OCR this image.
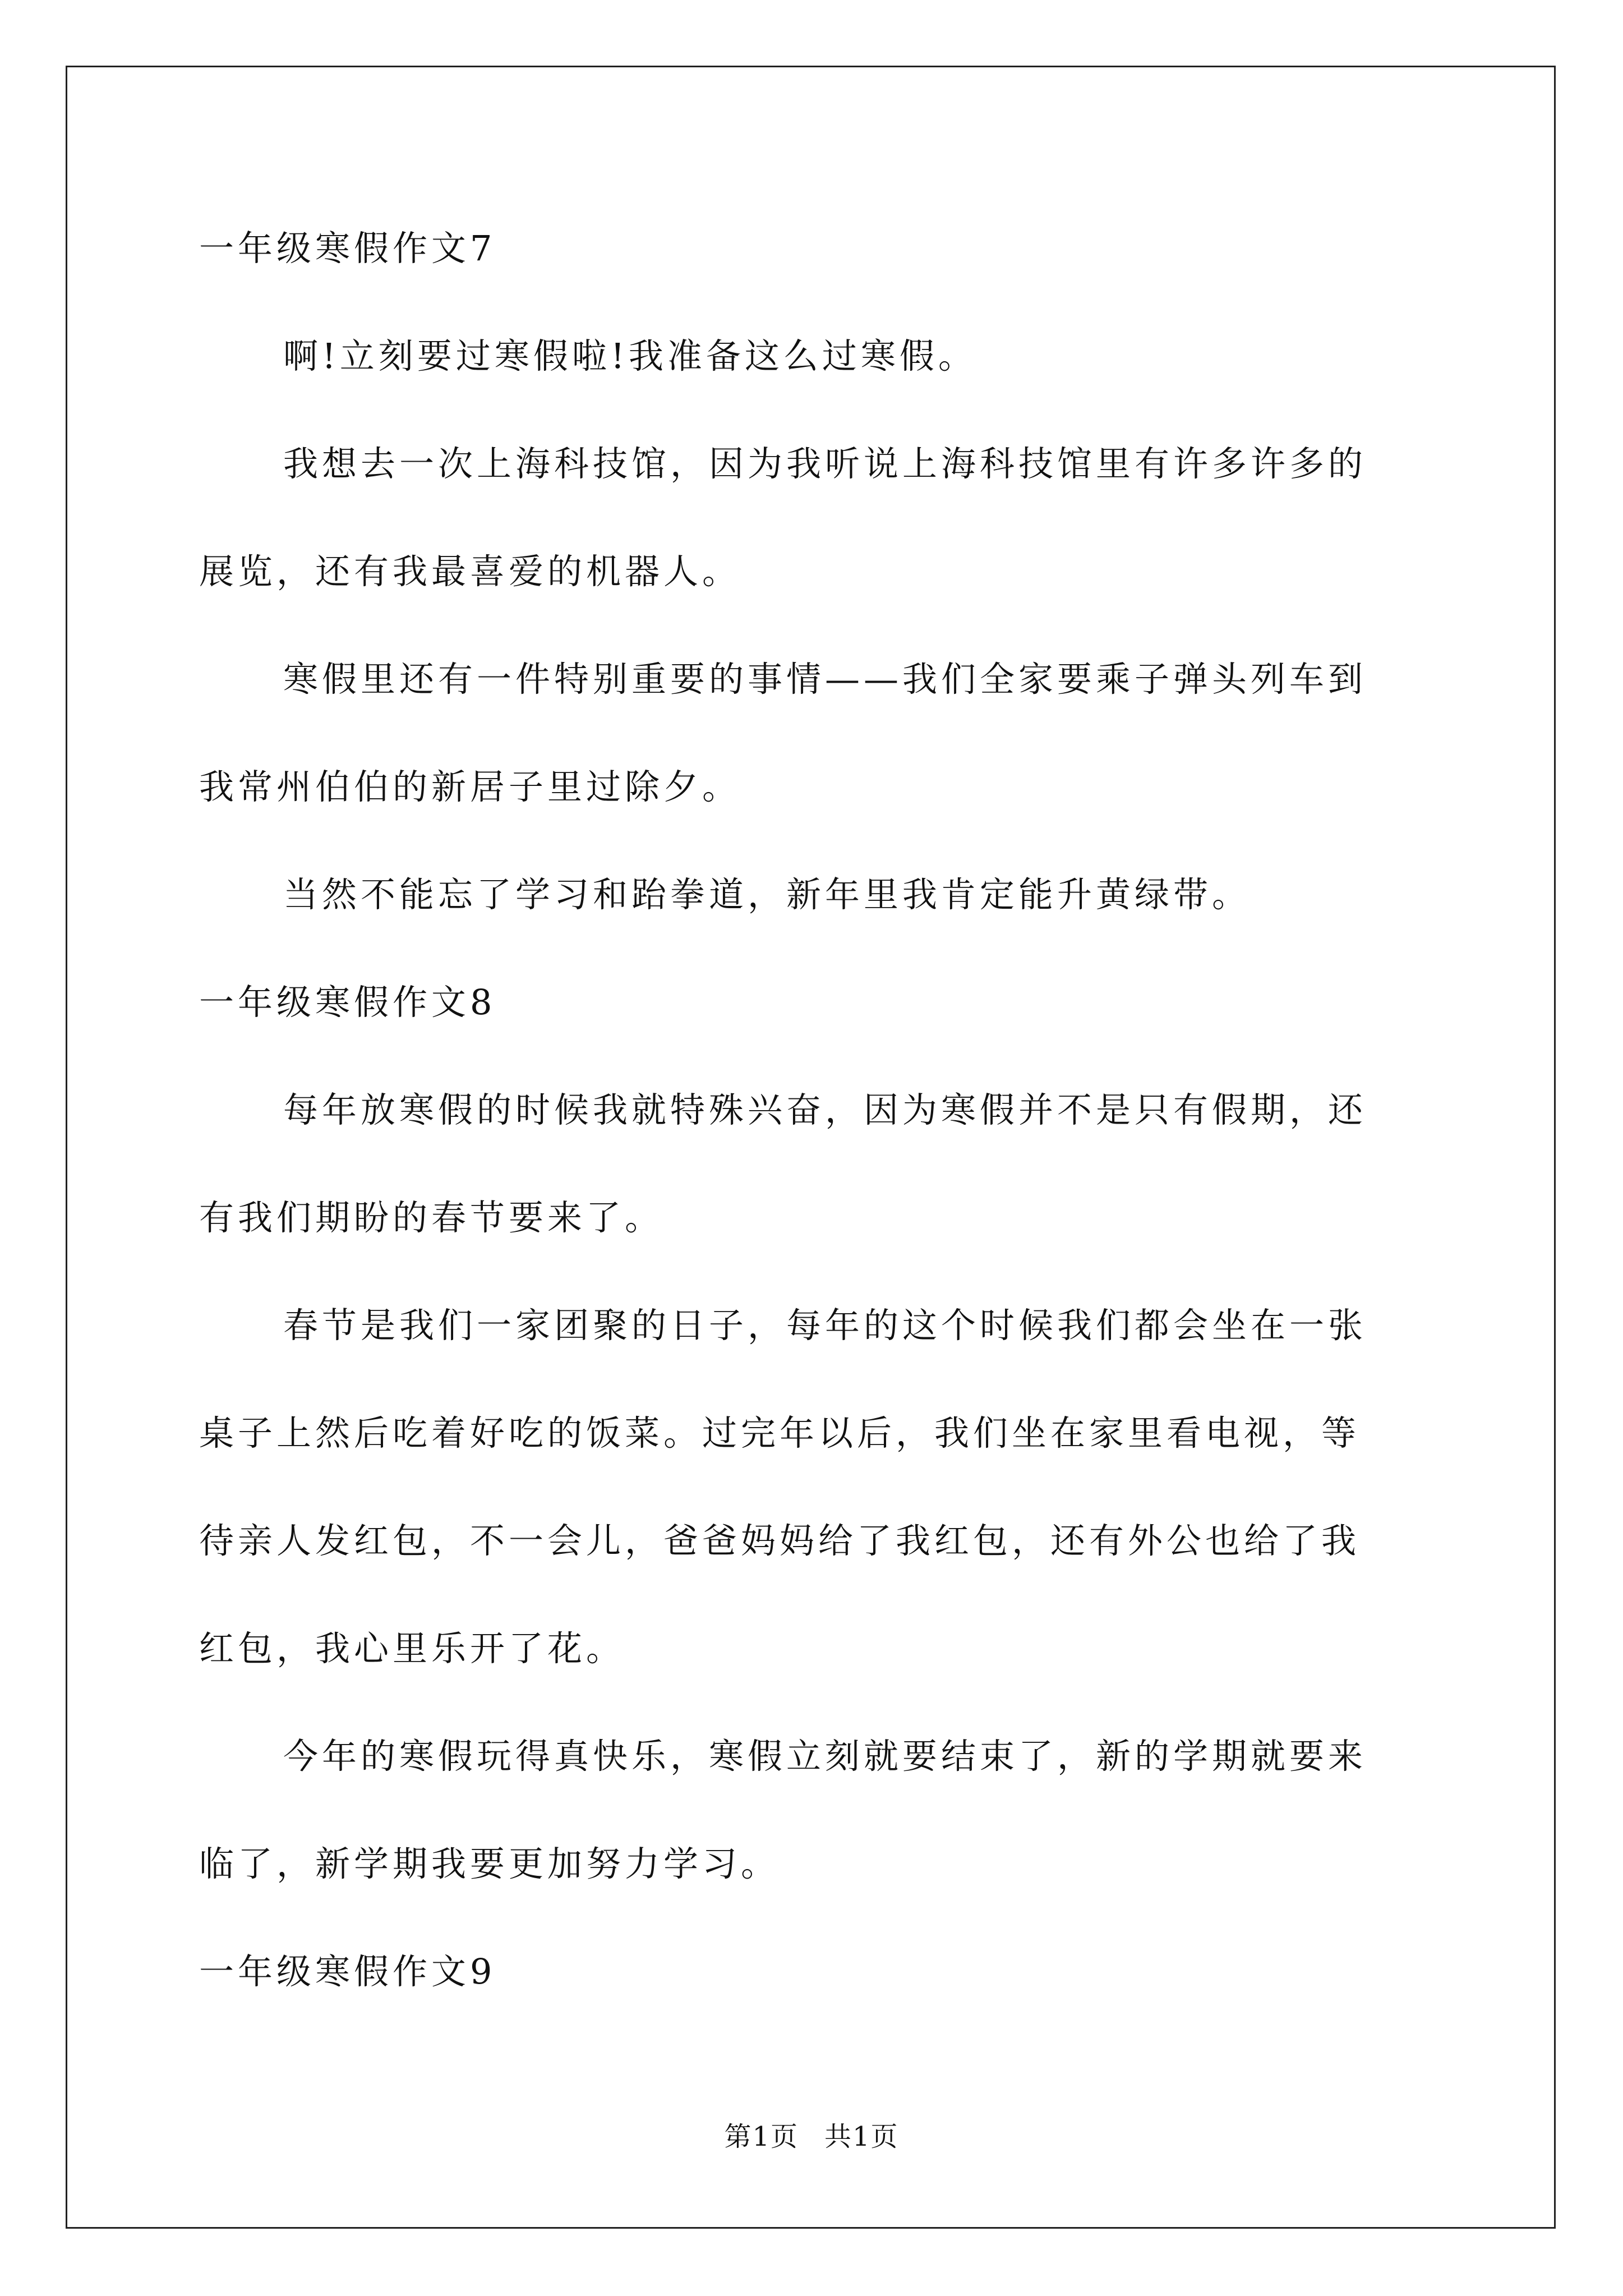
一年级寒假作文7
啊!立刻要过寒假啦!我准备这么过寒假。
我想去一次上海科技馆，因为我听说上海科技馆里有许多许多的
展览，还有我最喜爱的机器人。
寒假里还有一件特别重要的事情——我们全家要乘子弹头列车到
我常州伯伯的新居子里过除夕。
当然不能忘了学习和跆拳道，新年里我肯定能升黄绿带。
一年级寒假作文8
每年放寒假的时候我就特殊兴奋，因为寒假并不是只有假期，还
有我们期盼的春节要来了。
春节是我们一家团聚的日子，每年的这个时候我们都会坐在一张
桌子上然后吃着好吃的饭菜。过完年以后，我们坐在家里看电视，等
待亲人发红包，不一会儿，爸爸妈妈给了我红包，还有外公也给了我
红包，我心里乐开了花。
今年的寒假玩得真快乐，寒假立刻就要结束了，新的学期就要来
临了，新学期我要更加努力学习。
一年级寒假作文9
第1页 共1页
